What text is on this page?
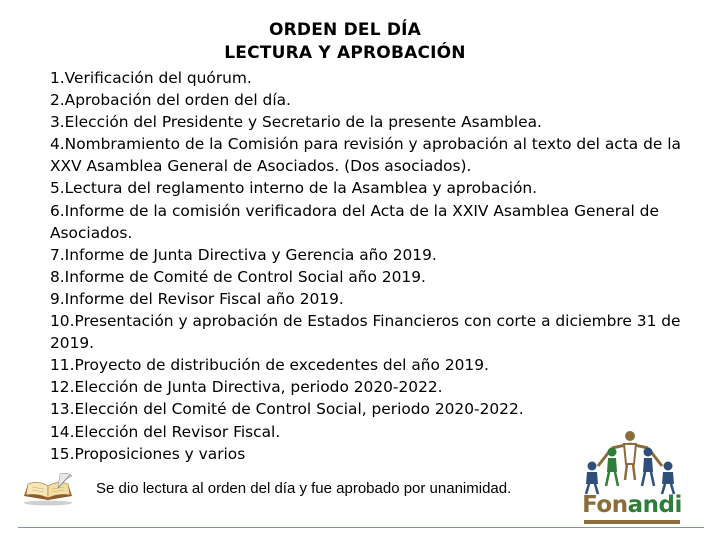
ORDEN DEL DÍA
LECTURA Y APROBACIÓN
1.Verificación del quórum.
2.Aprobación del orden del día.
3.Elección del Presidente y Secretario de la presente Asamblea.
4.Nombramiento de la Comisión para revisión y aprobación al texto del acta de la XXV Asamblea General de Asociados. (Dos asociados).
5.Lectura del reglamento interno de la Asamblea y aprobación.
6.Informe de la comisión verificadora del Acta de la XXIV Asamblea General de Asociados.
7.Informe de Junta Directiva y Gerencia año 2019.
8.Informe de Comité de Control Social año 2019.
9.Informe del Revisor Fiscal año 2019.
10.Presentación y aprobación de Estados Financieros con corte a diciembre 31 de 2019.
11.Proyecto de distribución de excedentes del año 2019.
12.Elección de Junta Directiva, periodo 2020-2022.
13.Elección del Comité de Control Social, periodo 2020-2022.
14.Elección del Revisor Fiscal.
15.Proposiciones y varios
Se dio lectura al orden del día y fue aprobado por unanimidad.
Fonandi
